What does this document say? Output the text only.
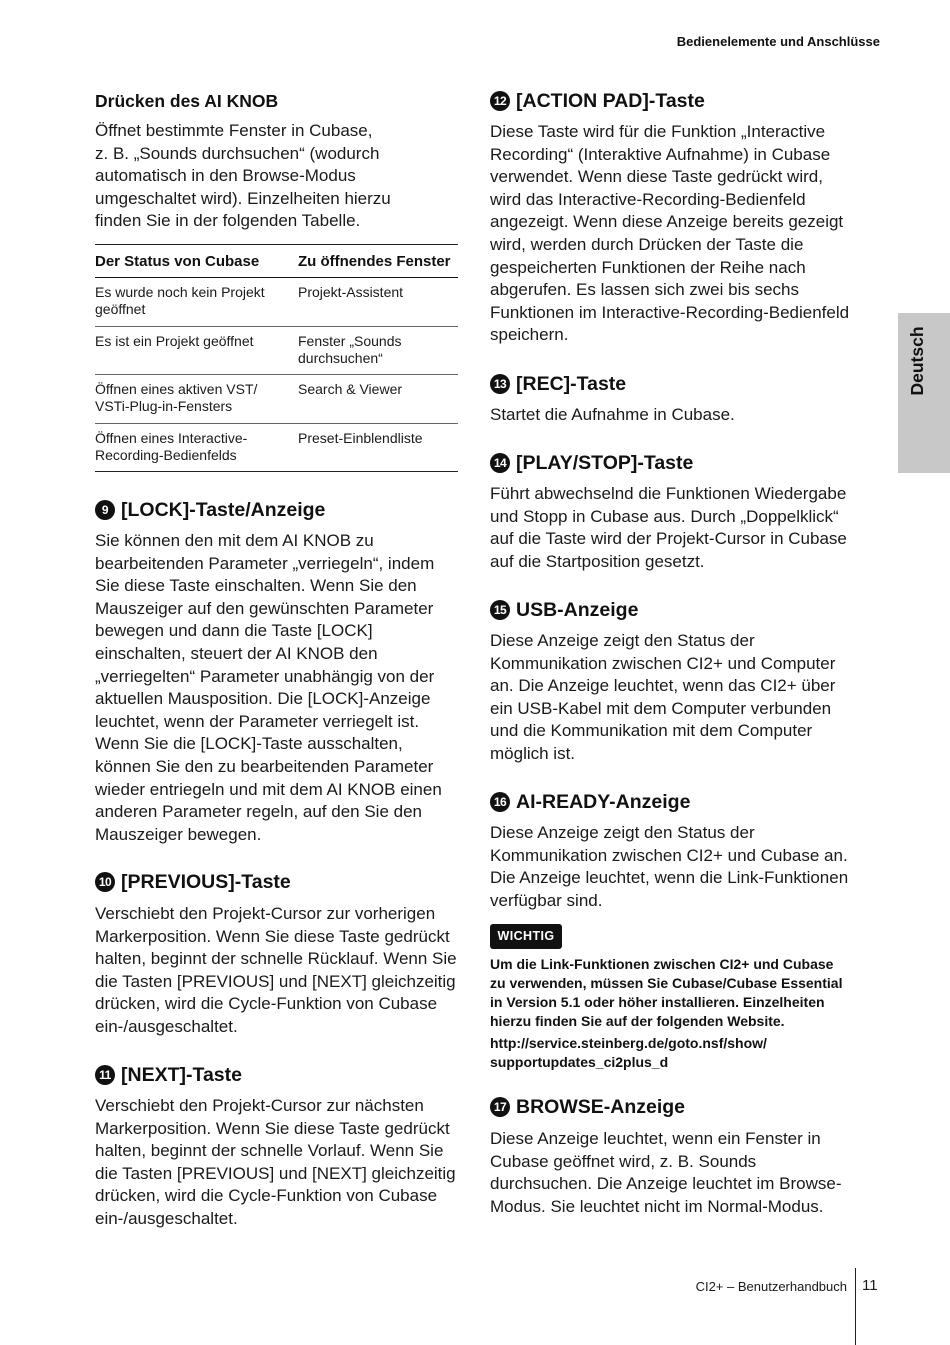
Bedienelemente und Anschlüsse
Deutsch
Drücken des AI KNOB
Öffnet bestimmte Fenster in Cubase,
z. B. „Sounds durchsuchen“ (wodurch
automatisch in den Browse-Modus
umgeschaltet wird). Einzelheiten hierzu
finden Sie in der folgenden Tabelle.
Der Status von Cubase	Zu öffnendes Fenster
Es wurde noch kein Projekt
geöffnet
Projekt-Assistent
Es ist ein Projekt geöffnet	Fenster „Sounds
durchsuchen“
Öffnen eines aktiven VST/
VSTi-Plug-in-Fensters
Search & Viewer
Öffnen eines Interactive-
Recording-Bedienfelds
Preset-Einblendliste
9 [LOCK]-Taste/Anzeige
Sie können den mit dem AI KNOB zu
bearbeitenden Parameter „verriegeln“, indem
Sie diese Taste einschalten. Wenn Sie den
Mauszeiger auf den gewünschten Parameter
bewegen und dann die Taste [LOCK]
einschalten, steuert der AI KNOB den
„verriegelten“ Parameter unabhängig von der
aktuellen Mausposition. Die [LOCK]-Anzeige
leuchtet, wenn der Parameter verriegelt ist.
Wenn Sie die [LOCK]-Taste ausschalten,
können Sie den zu bearbeitenden Parameter
wieder entriegeln und mit dem AI KNOB einen
anderen Parameter regeln, auf den Sie den
Mauszeiger bewegen.
10 [PREVIOUS]-Taste
Verschiebt den Projekt-Cursor zur vorherigen
Markerposition. Wenn Sie diese Taste gedrückt
halten, beginnt der schnelle Rücklauf. Wenn Sie
die Tasten [PREVIOUS] und [NEXT] gleichzeitig
drücken, wird die Cycle-Funktion von Cubase
ein-/ausgeschaltet.
11 [NEXT]-Taste
Verschiebt den Projekt-Cursor zur nächsten
Markerposition. Wenn Sie diese Taste gedrückt
halten, beginnt der schnelle Vorlauf. Wenn Sie
die Tasten [PREVIOUS] und [NEXT] gleichzeitig
drücken, wird die Cycle-Funktion von Cubase
ein-/ausgeschaltet.
12 [ACTION PAD]-Taste
Diese Taste wird für die Funktion „Interactive
Recording“ (Interaktive Aufnahme) in Cubase
verwendet. Wenn diese Taste gedrückt wird,
wird das Interactive-Recording-Bedienfeld
angezeigt. Wenn diese Anzeige bereits gezeigt
wird, werden durch Drücken der Taste die
gespeicherten Funktionen der Reihe nach
abgerufen. Es lassen sich zwei bis sechs
Funktionen im Interactive-Recording-Bedienfeld
speichern.
13 [REC]-Taste
Startet die Aufnahme in Cubase.
14 [PLAY/STOP]-Taste
Führt abwechselnd die Funktionen Wiedergabe
und Stopp in Cubase aus. Durch „Doppelklick“
auf die Taste wird der Projekt-Cursor in Cubase
auf die Startposition gesetzt.
15 USB-Anzeige
Diese Anzeige zeigt den Status der
Kommunikation zwischen CI2+ und Computer
an. Die Anzeige leuchtet, wenn das CI2+ über
ein USB-Kabel mit dem Computer verbunden
und die Kommunikation mit dem Computer
möglich ist.
16 AI-READY-Anzeige
Diese Anzeige zeigt den Status der
Kommunikation zwischen CI2+ und Cubase an.
Die Anzeige leuchtet, wenn die Link-Funktionen
verfügbar sind.
WICHTIG
Um die Link-Funktionen zwischen CI2+ und Cubase
zu verwenden, müssen Sie Cubase/Cubase Essential
in Version 5.1 oder höher installieren. Einzelheiten
hierzu finden Sie auf der folgenden Website.
http://service.steinberg.de/goto.nsf/show/
supportupdates_ci2plus_d
17 BROWSE-Anzeige
Diese Anzeige leuchtet, wenn ein Fenster in
Cubase geöffnet wird, z. B. Sounds
durchsuchen. Die Anzeige leuchtet im Browse-
Modus. Sie leuchtet nicht im Normal-Modus.
CI2+ – Benutzerhandbuch 11
